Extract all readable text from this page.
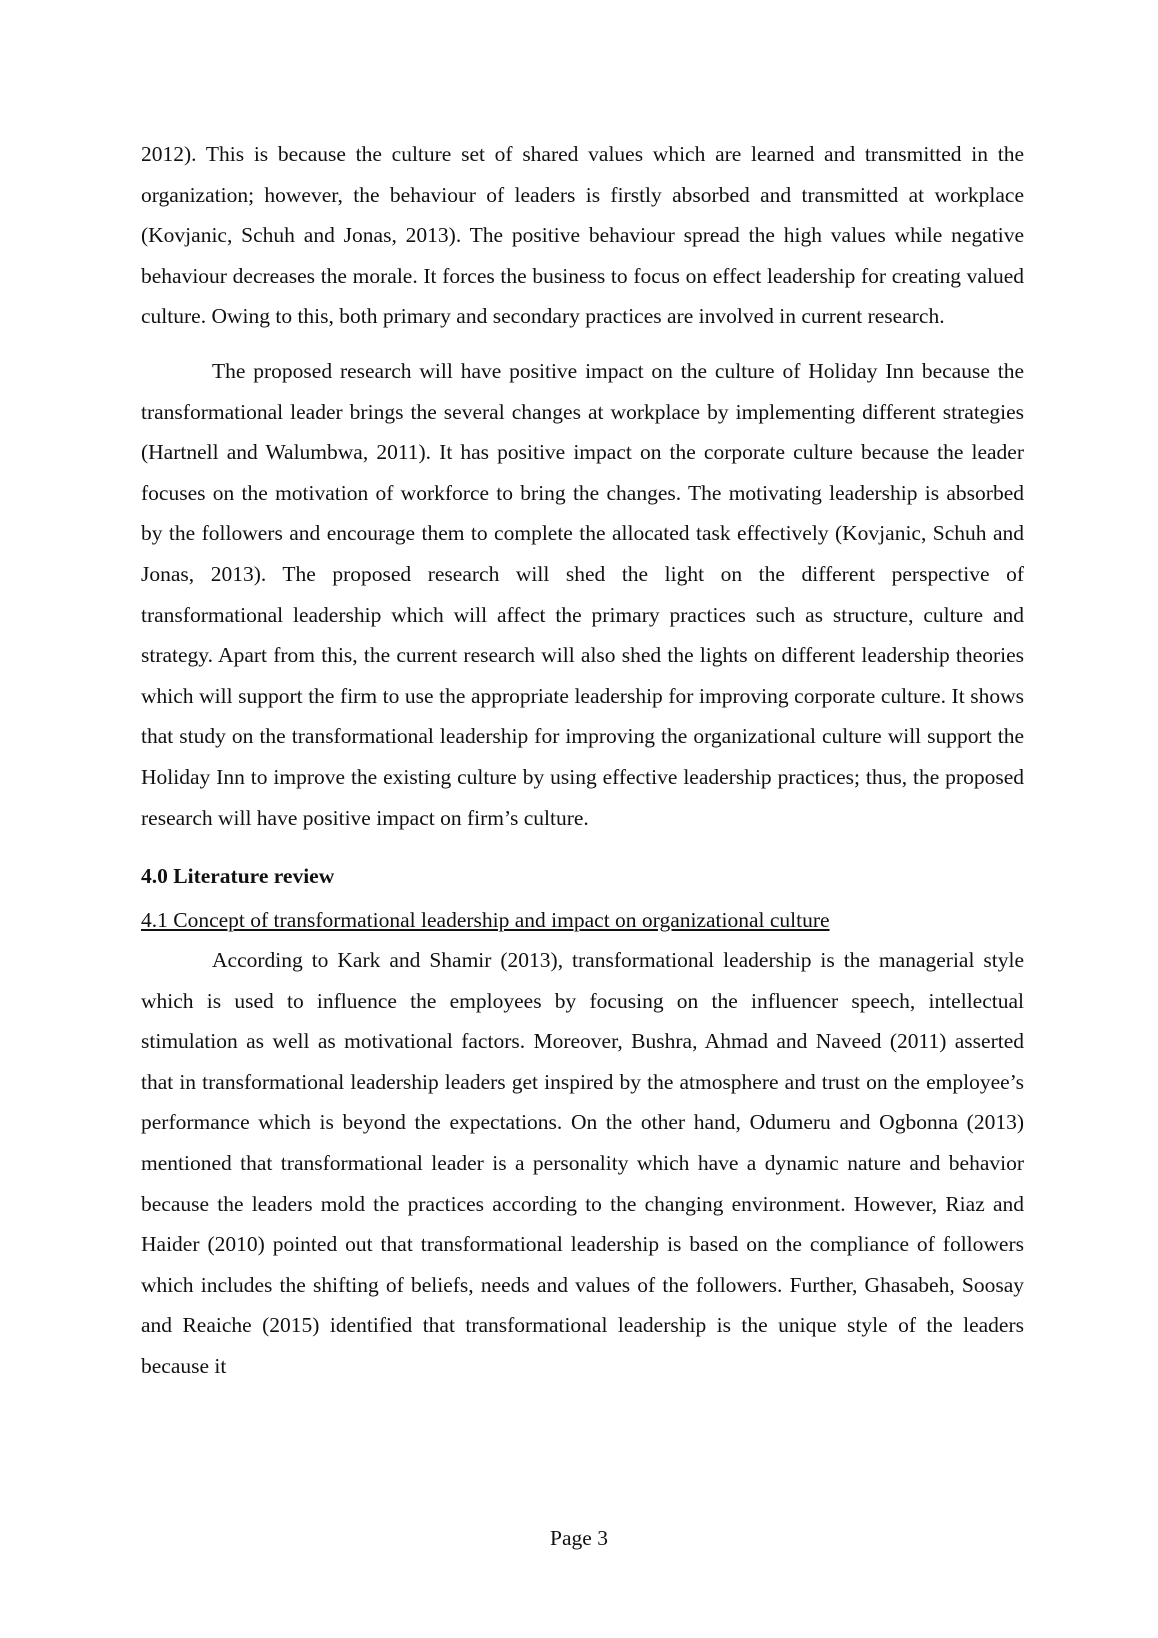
2012). This is because the culture set of shared values which are learned and transmitted in the organization; however, the behaviour of leaders is firstly absorbed and transmitted at workplace (Kovjanic, Schuh and Jonas, 2013). The positive behaviour spread the high values while negative behaviour decreases the morale. It forces the business to focus on effect leadership for creating valued culture. Owing to this, both primary and secondary practices are involved in current research.

The proposed research will have positive impact on the culture of Holiday Inn because the transformational leader brings the several changes at workplace by implementing different strategies (Hartnell and Walumbwa, 2011). It has positive impact on the corporate culture because the leader focuses on the motivation of workforce to bring the changes. The motivating leadership is absorbed by the followers and encourage them to complete the allocated task effectively (Kovjanic, Schuh and Jonas, 2013). The proposed research will shed the light on the different perspective of transformational leadership which will affect the primary practices such as structure, culture and strategy. Apart from this, the current research will also shed the lights on different leadership theories which will support the firm to use the appropriate leadership for improving corporate culture. It shows that study on the transformational leadership for improving the organizational culture will support the Holiday Inn to improve the existing culture by using effective leadership practices; thus, the proposed research will have positive impact on firm’s culture.

4.0 Literature review
4.1 Concept of transformational leadership and impact on organizational culture

According to Kark and Shamir (2013), transformational leadership is the managerial style which is used to influence the employees by focusing on the influencer speech, intellectual stimulation as well as motivational factors. Moreover, Bushra, Ahmad and Naveed (2011) asserted that in transformational leadership leaders get inspired by the atmosphere and trust on the employee’s performance which is beyond the expectations. On the other hand, Odumeru and Ogbonna (2013) mentioned that transformational leader is a personality which have a dynamic nature and behavior because the leaders mold the practices according to the changing environment. However, Riaz and Haider (2010) pointed out that transformational leadership is based on the compliance of followers which includes the shifting of beliefs, needs and values of the followers. Further, Ghasabeh, Soosay and Reaiche (2015) identified that transformational leadership is the unique style of the leaders because it

Page 3
